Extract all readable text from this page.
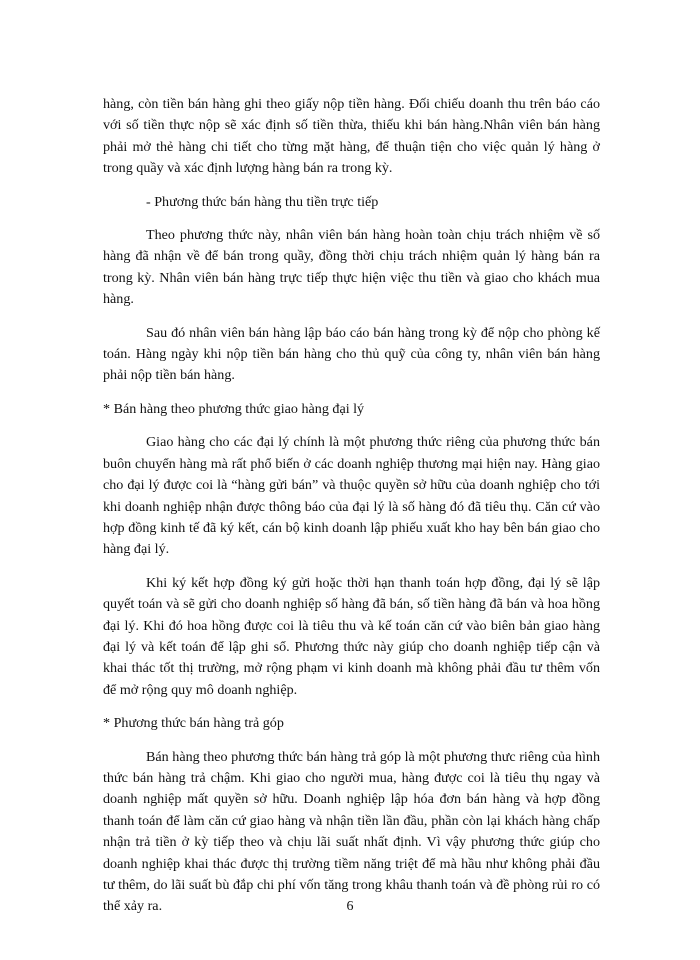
hàng, còn tiền bán hàng ghi theo giấy nộp tiền hàng. Đối chiếu doanh thu trên báo cáo với số tiền thực nộp sẽ xác định số tiền thừa, thiếu khi bán hàng.Nhân viên bán hàng phải mở thẻ hàng chi tiết cho từng mặt hàng, để thuận tiện cho việc quản lý hàng ở trong quầy và xác định lượng hàng bán ra trong kỳ.

- Phương thức bán hàng thu tiền trực tiếp

Theo phương thức này, nhân viên bán hàng hoàn toàn chịu trách nhiệm về số hàng đã nhận về để bán trong quầy, đồng thời chịu trách nhiệm quản lý hàng bán ra trong kỳ. Nhân viên bán hàng trực tiếp thực hiện việc thu tiền và giao cho khách mua hàng.

Sau đó nhân viên bán hàng lập báo cáo bán hàng trong kỳ để nộp cho phòng kế toán. Hàng ngày khi nộp tiền bán hàng cho thủ quỹ của công ty, nhân viên bán hàng phải nộp tiền bán hàng.

* Bán hàng theo phương thức giao hàng đại lý

Giao hàng cho các đại lý chính là một phương thức riêng của phương thức bán buôn chuyển hàng mà rất phổ biến ở các doanh nghiệp thương mại hiện nay. Hàng giao cho đại lý được coi là “hàng gửi bán” và thuộc quyền sở hữu của doanh nghiệp cho tới khi doanh nghiệp nhận được thông báo của đại lý là số hàng đó đã tiêu thụ. Căn cứ vào hợp đồng kinh tế đã ký kết, cán bộ kinh doanh lập phiếu xuất kho hay bên bán giao cho hàng đại lý.

Khi ký kết hợp đồng ký gửi hoặc thời hạn thanh toán hợp đồng, đại lý sẽ lập quyết toán và sẽ gửi cho doanh nghiệp số hàng đã bán, số tiền hàng đã bán và hoa hồng đại lý. Khi đó hoa hồng được coi là tiêu thu và kế toán căn cứ vào biên bản giao hàng đại lý và kết toán để lập ghi sổ. Phương thức này giúp cho doanh nghiệp tiếp cận và khai thác tốt thị trường, mở rộng phạm vi kinh doanh mà không phải đầu tư thêm vốn để mở rộng quy mô doanh nghiệp.

* Phương thức bán hàng trả góp

Bán hàng theo phương thức bán hàng trả góp là một phương thưc riêng của hình thức bán hàng trả chậm. Khi giao cho người mua, hàng được coi là tiêu thụ ngay và doanh nghiệp mất quyền sở hữu. Doanh nghiệp lập hóa đơn bán hàng và hợp đồng thanh toán để làm căn cứ giao hàng và nhận tiền lần đầu, phần còn lại khách hàng chấp nhận trả tiền ở kỳ tiếp theo và chịu lãi suất nhất định. Vì vậy phương thức giúp cho doanh nghiệp khai thác được thị trường tiềm năng triệt để mà hầu như không phải đầu tư thêm, do lãi suất bù đắp chi phí vốn tăng trong khâu thanh toán và đề phòng rủi ro có thể xảy ra.	6
